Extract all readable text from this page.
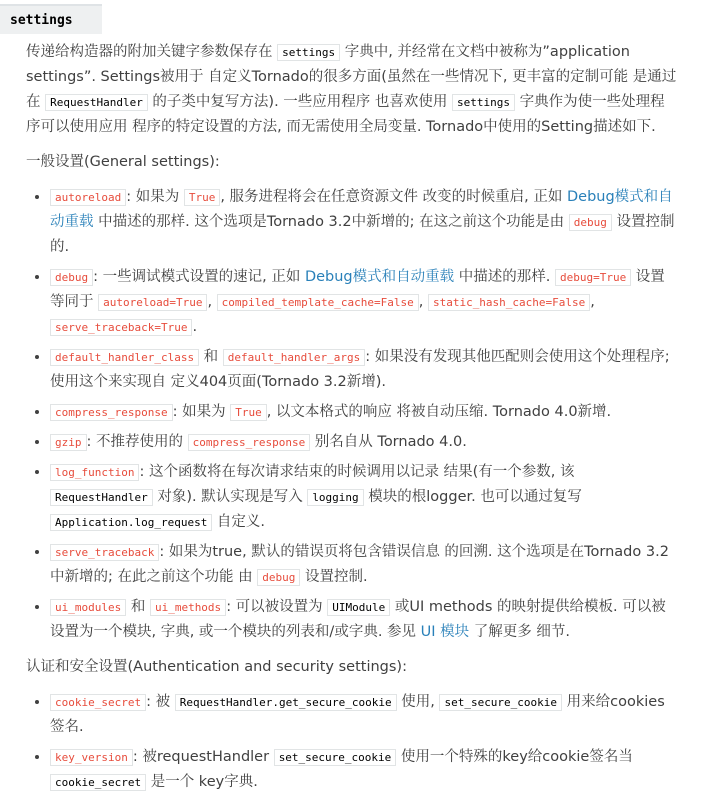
settings

传递给构造器的附加关键字参数保存在 settings 字典中, 并经常在文档中被称为”application settings”. Settings被用于 自定义Tornado的很多方面(虽然在一些情况下, 更丰富的定制可能 是通过在 RequestHandler 的子类中复写方法). 一些应用程序 也喜欢使用 settings 字典作为使一些处理程序可以使用应用 程序的特定设置的方法, 而无需使用全局变量. Tornado中使用的Setting描述如下.

一般设置(General settings):

• autoreload : 如果为 True , 服务进程将会在任意资源文件 改变的时候重启, 正如 Debug模式和自动重载 中描述的那样. 这个选项是Tornado 3.2中新增的; 在这之前这个功能是由 debug 设置控制的.
• debug : 一些调试模式设置的速记, 正如 Debug模式和自动重载 中描述的那样. debug=True 设置等同于 autoreload=True , compiled_template_cache=False , static_hash_cache=False , serve_traceback=True .
• default_handler_class 和 default_handler_args : 如果没有发现其他匹配则会使用这个处理程序; 使用这个来实现自 定义404页面(Tornado 3.2新增).
• compress_response : 如果为 True , 以文本格式的响应 将被自动压缩. Tornado 4.0新增.
• gzip : 不推荐使用的 compress_response 别名自从 Tornado 4.0.
• log_function : 这个函数将在每次请求结束的时候调用以记录 结果(有一个参数, 该 RequestHandler 对象). 默认实现是写入 logging 模块的根logger. 也可以通过复写 Application.log_request 自定义.
• serve_traceback : 如果为true, 默认的错误页将包含错误信息 的回溯. 这个选项是在Tornado 3.2中新增的; 在此之前这个功能 由 debug 设置控制.
• ui_modules 和 ui_methods : 可以被设置为 UIModule 或UI methods 的映射提供给模板. 可以被设置为一个模块, 字典, 或一个模块的列表和/或字典. 参见 UI 模块 了解更多 细节.

认证和安全设置(Authentication and security settings):

• cookie_secret : 被 RequestHandler.get_secure_cookie 使用, set_secure_cookie 用来给cookies签名.
• key_version : 被requestHandler set_secure_cookie 使用一个特殊的key给cookie签名当 cookie_secret 是一个 key字典.
